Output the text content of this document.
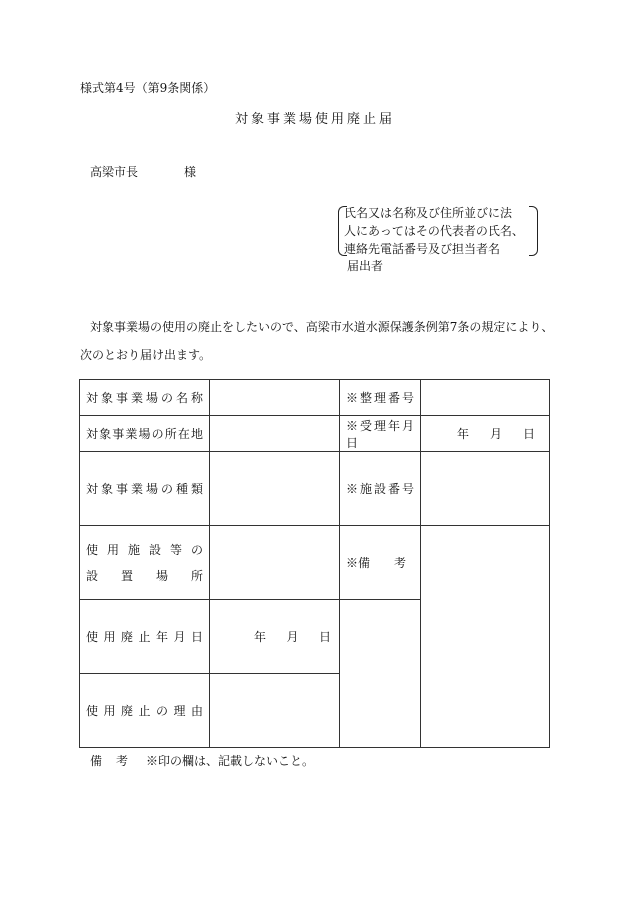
様式第4号（第9条関係）
対象事業場使用廃止届
高梁市長	様
氏名又は名称及び住所並びに法
人にあってはその代表者の氏名、
連絡先電話番号及び担当者名
届出者
対象事業場の使用の廃止をしたいので、高梁市水道水源保護条例第7条の規定により、
次のとおり届け出ます。
対象事業場の名称		※整理番号	
対象事業場の所在地		※受理年月日	年 月 日

対象事業場の種類		※施設番号	

使用施設等の
設置場所		※備　　考	
使用廃止年月日	年 月 日		

使用廃止の理由			
備考 ※印の欄は、記載しないこと。
